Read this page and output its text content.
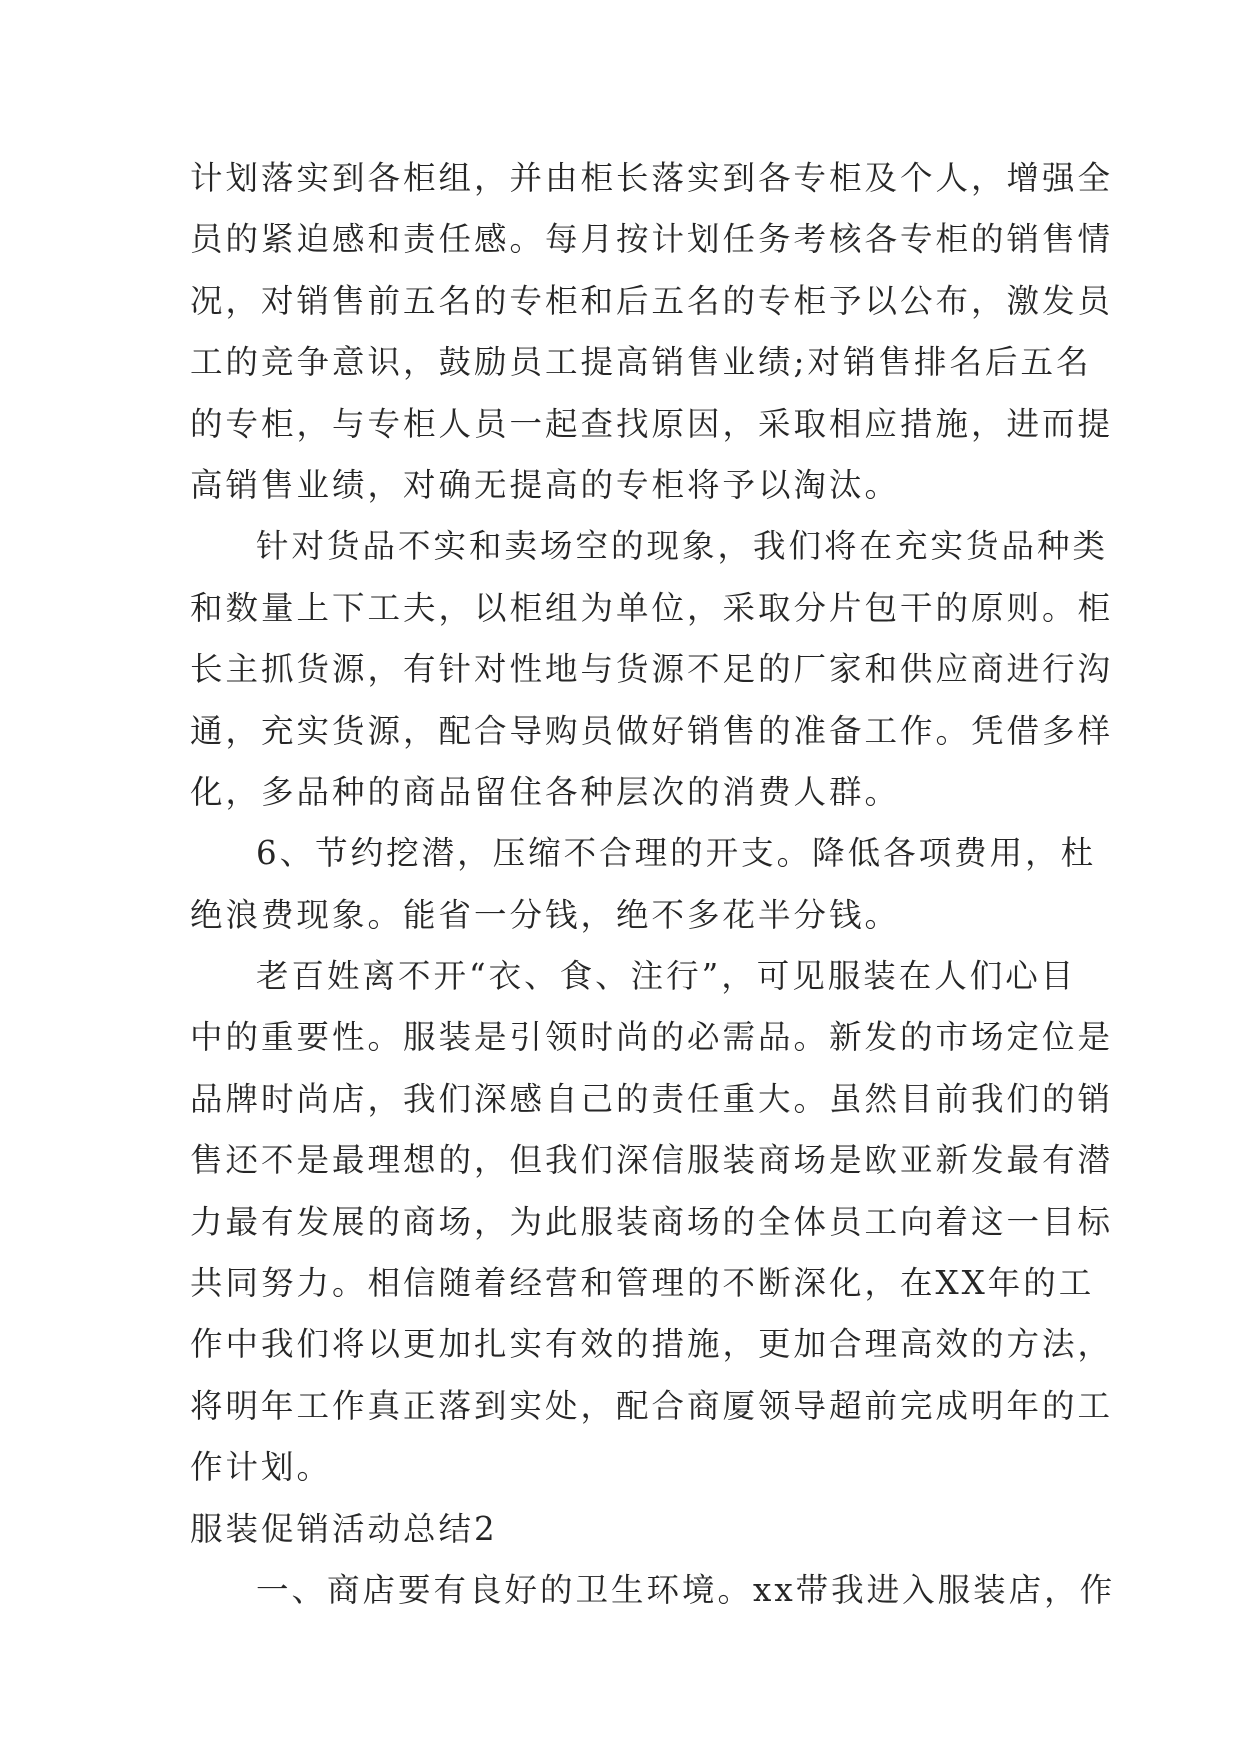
计划落实到各柜组，并由柜长落实到各专柜及个人，增强全
员的紧迫感和责任感。每月按计划任务考核各专柜的销售情
况，对销售前五名的专柜和后五名的专柜予以公布，激发员
工的竞争意识，鼓励员工提高销售业绩;对销售排名后五名
的专柜，与专柜人员一起查找原因，采取相应措施，进而提
高销售业绩，对确无提高的专柜将予以淘汰。
针对货品不实和卖场空的现象，我们将在充实货品种类
和数量上下工夫，以柜组为单位，采取分片包干的原则。柜
长主抓货源，有针对性地与货源不足的厂家和供应商进行沟
通，充实货源，配合导购员做好销售的准备工作。凭借多样
化，多品种的商品留住各种层次的消费人群。
6、节约挖潜，压缩不合理的开支。降低各项费用，杜
绝浪费现象。能省一分钱，绝不多花半分钱。
老百姓离不开“衣、食、注行”，可见服装在人们心目
中的重要性。服装是引领时尚的必需品。新发的市场定位是
品牌时尚店，我们深感自己的责任重大。虽然目前我们的销
售还不是最理想的，但我们深信服装商场是欧亚新发最有潜
力最有发展的商场，为此服装商场的全体员工向着这一目标
共同努力。相信随着经营和管理的不断深化，在XX年的工
作中我们将以更加扎实有效的措施，更加合理高效的方法，
将明年工作真正落到实处，配合商厦领导超前完成明年的工
作计划。
服装促销活动总结2
一、商店要有良好的卫生环境。xx带我进入服装店，作
